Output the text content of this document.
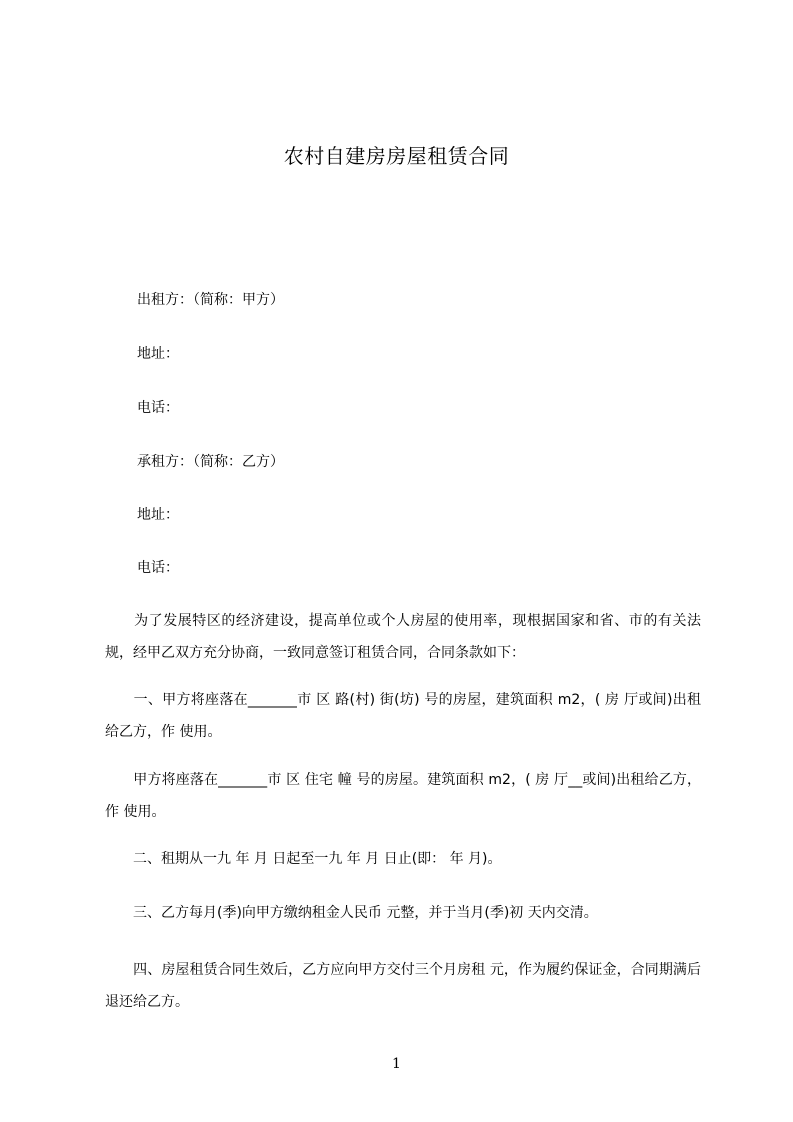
农村自建房房屋租赁合同

出租方：（简称：甲方）

地址：

电话：

承租方：（简称：乙方）

地址：

电话：

　　为了发展特区的经济建设，提高单位或个人房屋的使用率，现根据国家和省、市的有关法规，经甲乙双方充分协商，一致同意签订租赁合同，合同条款如下：

　　一、甲方将座落在_______市 区 路(村) 街(坊) 号的房屋，建筑面积 m2，( 房 厅或间)出租给乙方，作 使用。

　　甲方将座落在_______市 区 住宅 幢 号的房屋。建筑面积 m2，( 房 厅__或间)出租给乙方，作 使用。

　　二、租期从一九 年 月 日起至一九 年 月 日止(即： 年 月)。

　　三、乙方每月(季)向甲方缴纳租金人民币 元整，并于当月(季)初 天内交清。

　　四、房屋租赁合同生效后，乙方应向甲方交付三个月房租 元，作为履约保证金，合同期满后退还给乙方。

1
